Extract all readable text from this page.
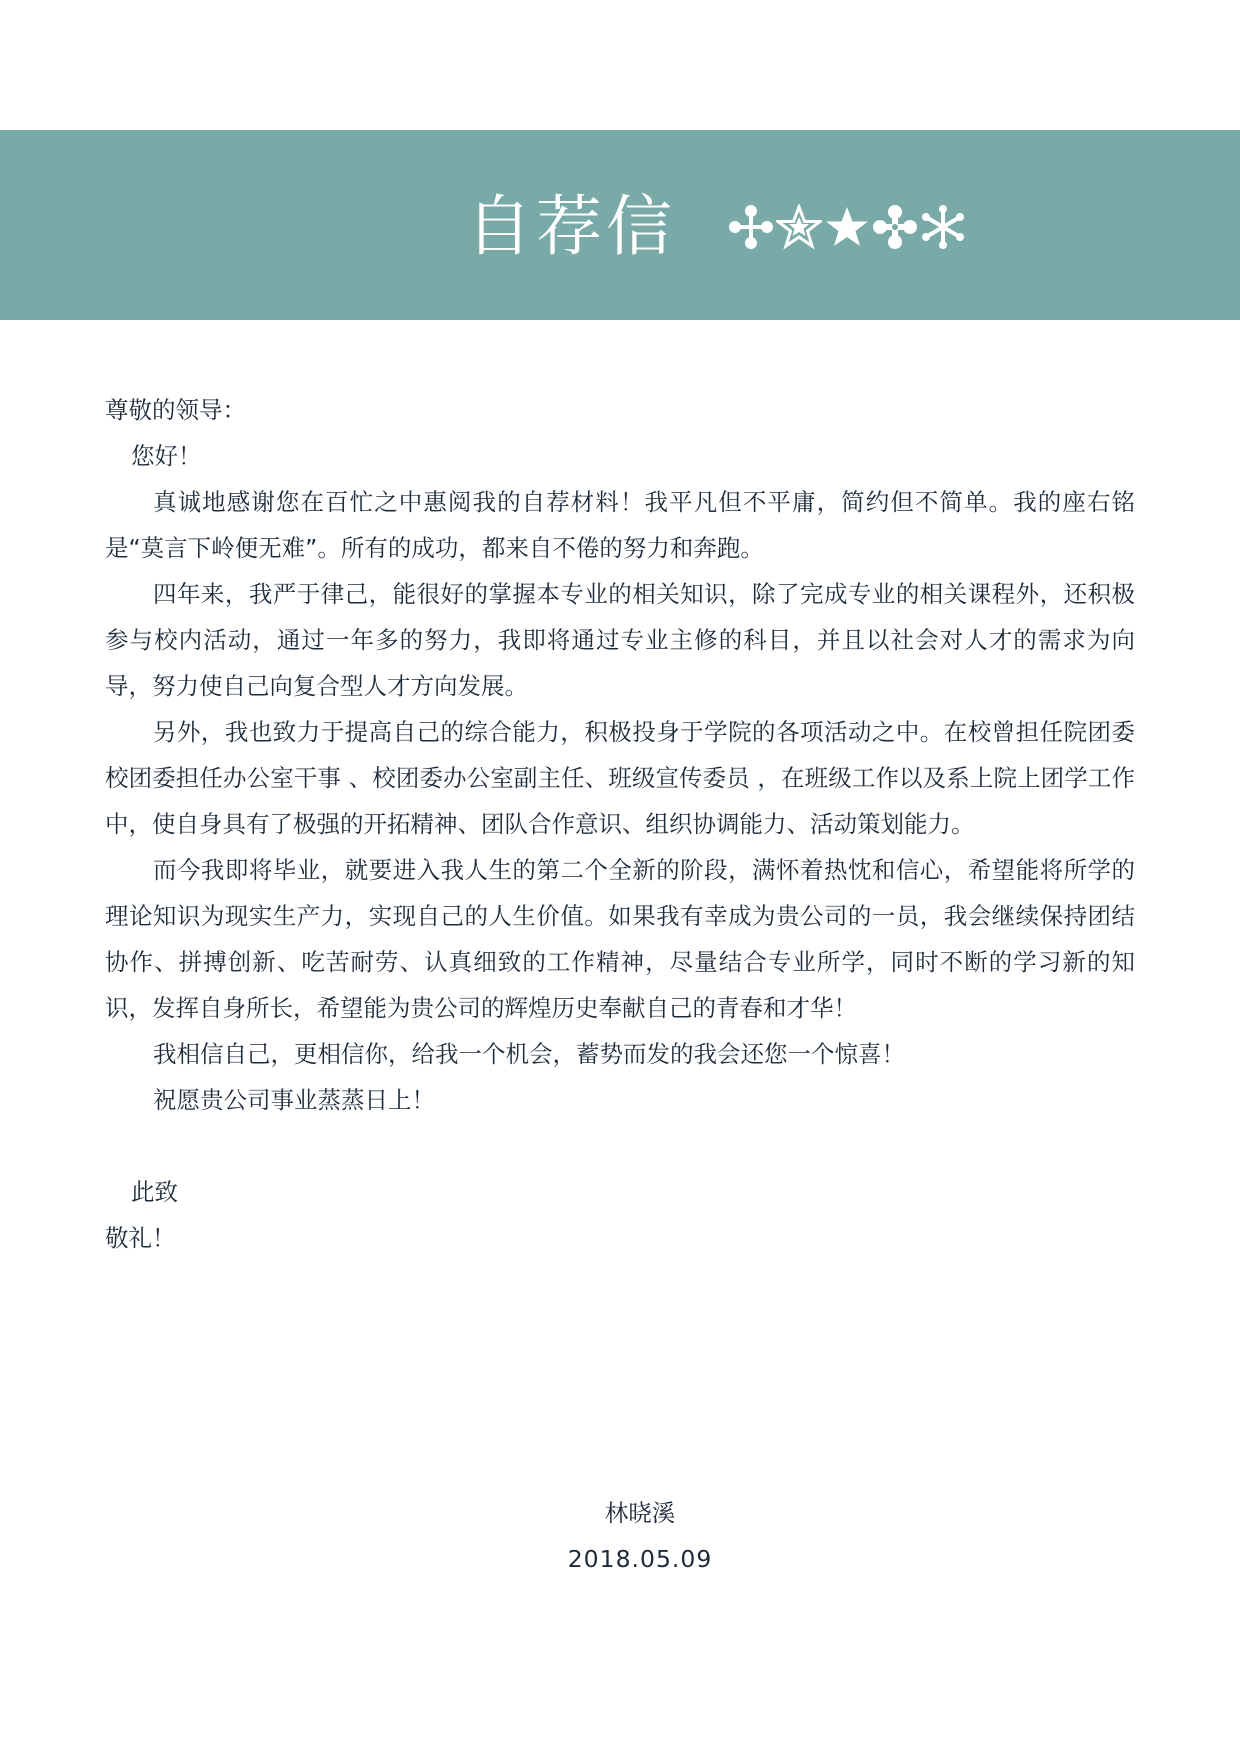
自荐信

尊敬的领导：

您好！

真诚地感谢您在百忙之中惠阅我的自荐材料！我平凡但不平庸，简约但不简单。我的座右铭是“莫言下岭便无难”。所有的成功，都来自不倦的努力和奔跑。

四年来，我严于律己，能很好的掌握本专业的相关知识，除了完成专业的相关课程外，还积极参与校内活动，通过一年多的努力，我即将通过专业主修的科目，并且以社会对人才的需求为向导，努力使自己向复合型人才方向发展。

另外，我也致力于提高自己的综合能力，积极投身于学院的各项活动之中。在校曾担任院团委校团委担任办公室干事 、校团委办公室副主任、班级宣传委员 ，在班级工作以及系上院上团学工作中，使自身具有了极强的开拓精神、团队合作意识、组织协调能力、活动策划能力。

而今我即将毕业，就要进入我人生的第二个全新的阶段，满怀着热忱和信心，希望能将所学的理论知识为现实生产力，实现自己的人生价值。如果我有幸成为贵公司的一员，我会继续保持团结协作、拼搏创新、吃苦耐劳、认真细致的工作精神，尽量结合专业所学，同时不断的学习新的知识，发挥自身所长，希望能为贵公司的辉煌历史奉献自己的青春和才华！

我相信自己，更相信你，给我一个机会，蓄势而发的我会还您一个惊喜！

祝愿贵公司事业蒸蒸日上！

此致

敬礼！

林晓溪
2018.05.09
